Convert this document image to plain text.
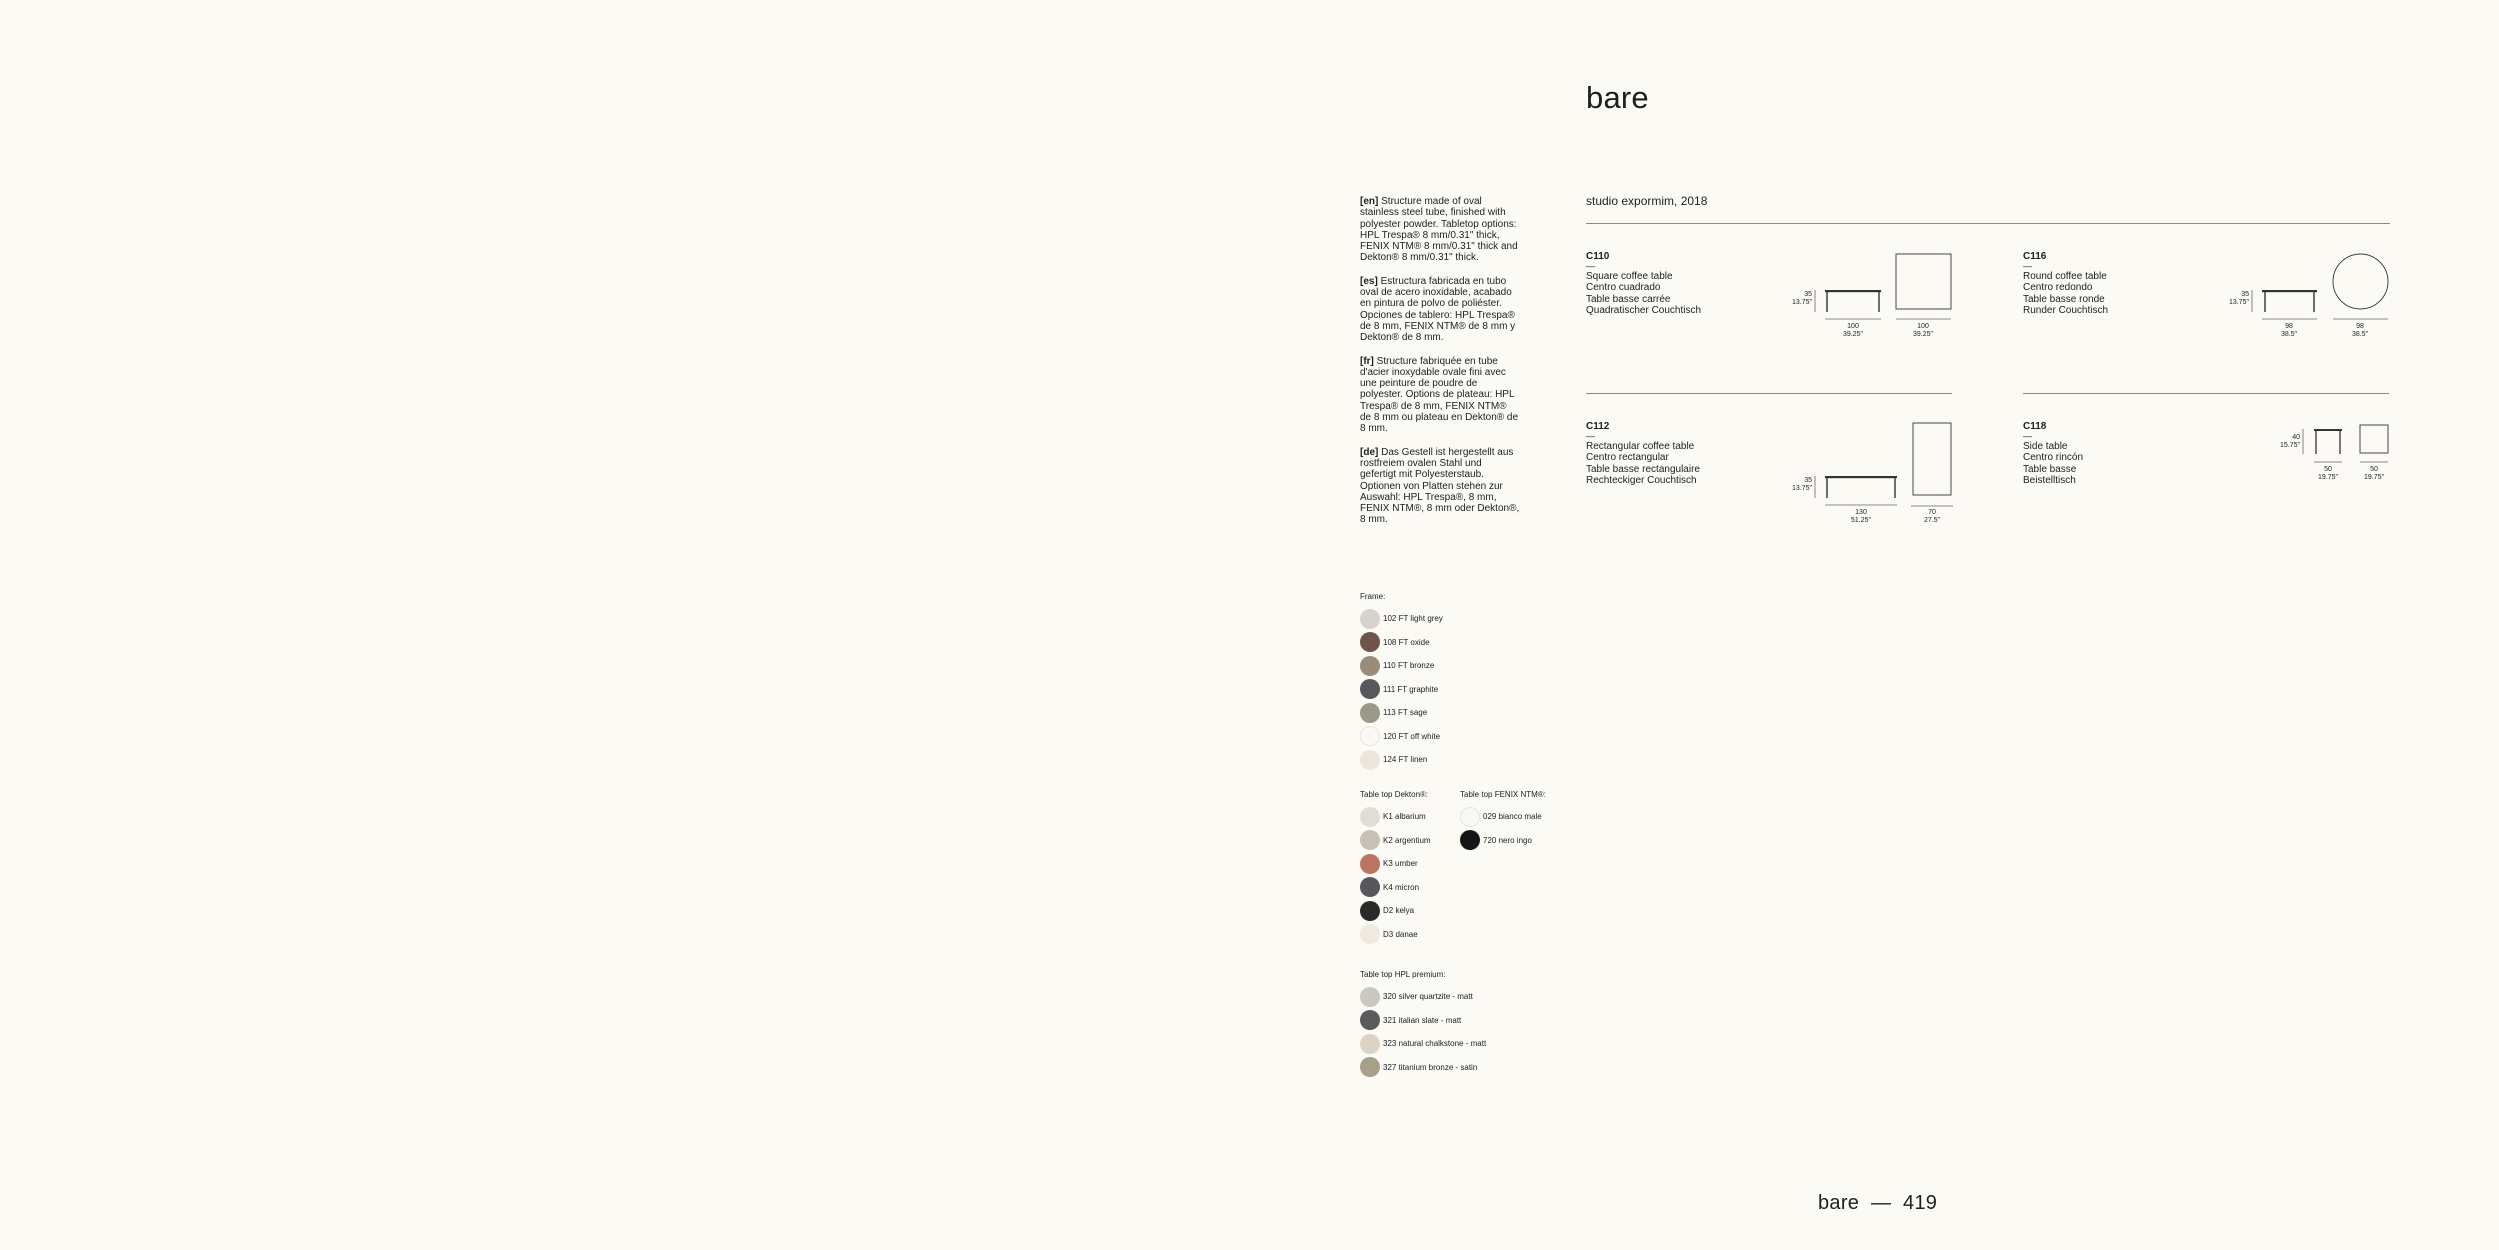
bare
studio expormim, 2018

[en] Structure made of oval stainless steel tube, finished with polyester powder. Tabletop options: HPL Trespa® 8 mm/0.31" thick, FENIX NTM® 8 mm/0.31" thick and Dekton® 8 mm/0.31" thick.

[es] Estructura fabricada en tubo oval de acero inoxidable, acabado en pintura de polvo de poliéster. Opciones de tablero: HPL Trespa® de 8 mm, FENIX NTM® de 8 mm y Dekton® de 8 mm.

[fr] Structure fabriquée en tube d'acier inoxydable ovale fini avec une peinture de poudre de polyester. Options de plateau: HPL Trespa® de 8 mm, FENIX NTM® de 8 mm ou plateau en Dekton® de 8 mm.

[de] Das Gestell ist hergestellt aus rostfreiem ovalen Stahl und gefertigt mit Polyesterstaub. Optionen von Platten stehen zur Auswahl: HPL Trespa®, 8 mm, FENIX NTM®, 8 mm oder Dekton®, 8 mm.

Frame:
102 FT light grey
108 FT oxide
110 FT bronze
111 FT graphite
113 FT sage
120 FT off white
124 FT linen
Table top Dekton®:
K1 albarium
K2 argentium
K3 umber
K4 micron
D2 kelya
D3 danae
Table top FENIX NTM®:
029 bianco male
720 nero ingo
Table top HPL premium:
320 silver quartzite - matt
321 italian slate - matt
323 natural chalkstone - matt
327 titanium bronze - satin
C110
—
Square coffee table
Centro cuadrado
Table basse carrée
Quadratischer Couchtisch
35
13.75"
100
39.25"
100
39.25"
C116
—
Round coffee table
Centro redondo
Table basse ronde
Runder Couchtisch
35
13.75"
98
38.5"
98
38.5"
C112
—
Rectangular coffee table
Centro rectangular
Table basse rectangulaire
Rechteckiger Couchtisch	35
13.75"
130
51.25"
70
27.5"
C118
—
Side table
Centro rincón
Table basse
Beistelltisch
40
15.75"
50
19.75"
50
19.75"
bare  —  419
